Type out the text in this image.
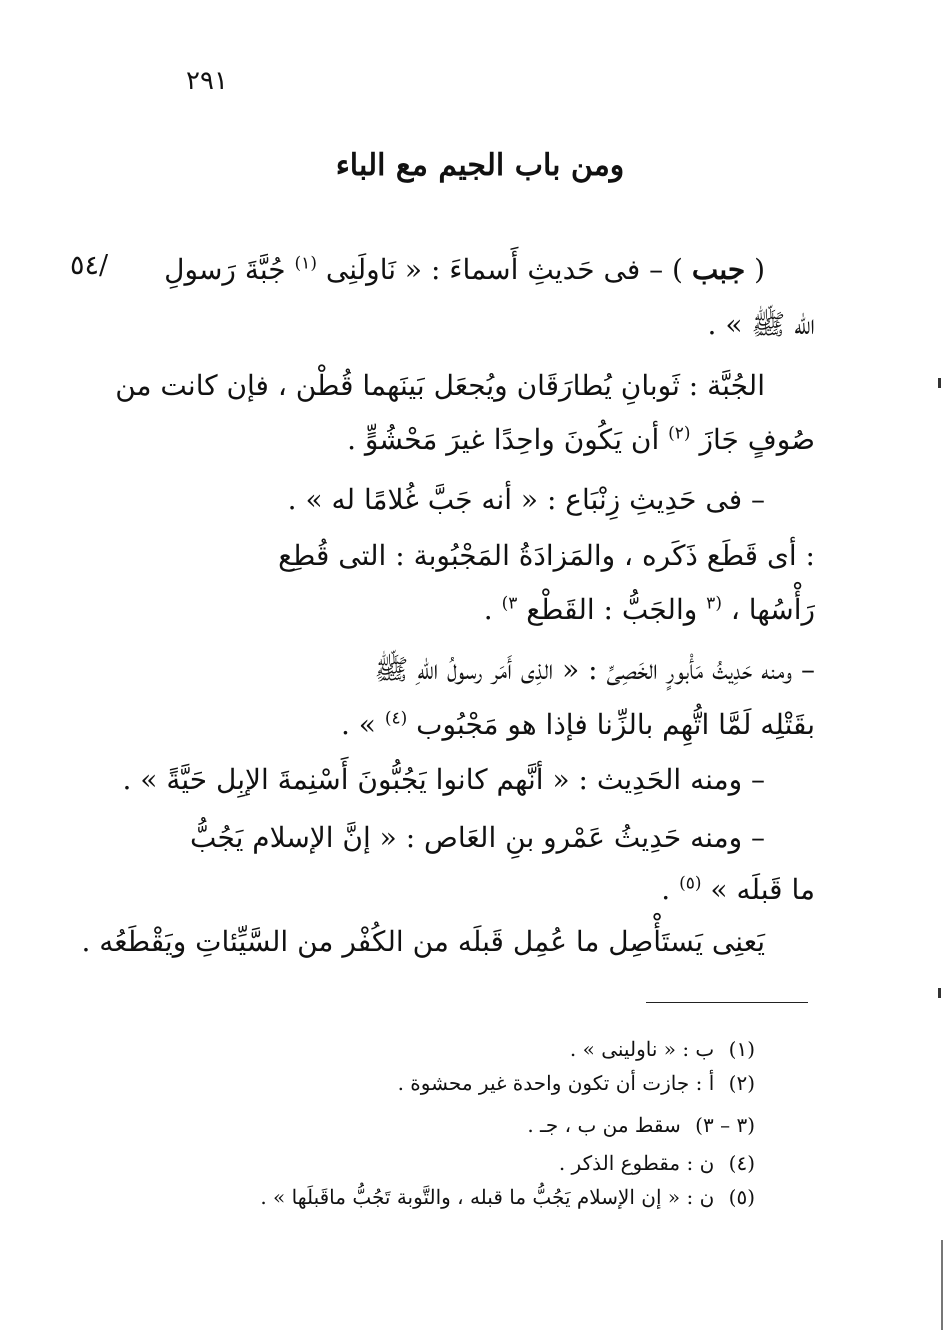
٢٩١
ومن باب الجيم مع الباء
٥٤/	( جبب ) – فى حَديثِ أَسماءَ : « نَاولَنِى $^{(١)}$ جُبَّةَ رَسولِ
الله ﷺ » .
الجُبَّة : ثَوبانِ يُطارَقَان ويُجعَل بَينَهما قُطْن ، فإن كانت من
صُوفٍ جَازَ $^{(٢)}$ أن يَكُونَ واحِدًا غيرَ مَحْشُوٍّ .
– فى حَدِيثِ زِنْبَاع : « أنه جَبَّ غُلامًا له » .
: أى قَطَع ذَكَره ، والمَزادَةُ المَجْبُوبة : التى قُطِع
رَأْسُها ، $^{(٣}$ والجَبُّ : القَطْع $^{٣)}$ .
– ومنه حَدِيثُ مَأْبورٍ الخَصِىِّ : « الذِى أَمَر رسولُ اللهِ ﷺ
بقَتْلِه لَمَّا اتُّهِم بالزِّنا فإذا هو مَجْبُوب $^{(٤)}$ » .
– ومنه الحَدِيث : « أنَّهم كانوا يَجُبُّونَ أَسْنِمةَ الإبِل حَيَّةً » .
– ومنه حَدِيثُ عَمْرو بنِ العَاص : « إنَّ الإسلام يَجُبُّ
ما قَبلَه » $^{(٥)}$ .
يَعنِى يَستَأْصِل ما عُمِل قَبلَه من الكُفْر من السَّيِّئاتِ ويَقْطَعُه .
(١) ب : « ناولينى » .
(٢) أ : جازت أن تكون واحدة غير محشوة .
(٣ – ٣) سقط من ب ، جـ .
(٤) ن : مقطوع الذكر .
(٥) ن : « إن الإسلام يَجُبُّ ما قبله ، والتَّوبة تَجُبُّ ماقَبلَها » .
